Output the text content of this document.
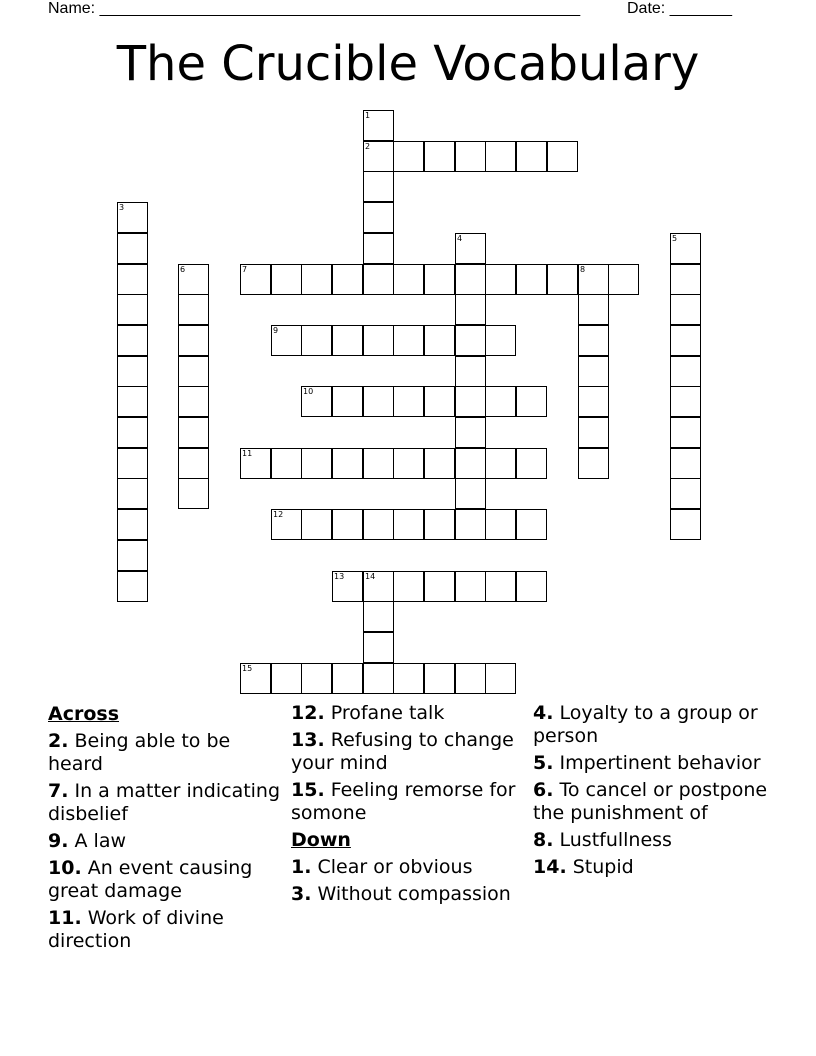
Name: ______________________________________________________	Date: _______
The Crucible Vocabulary
1
2
3
4	5
6	7	8
9
10
11
12
13	14
15
Across
2. Being able to be heard
7. In a matter indicating disbelief
9. A law
10. An event causing great damage
11. Work of divine direction
12. Profane talk
13. Refusing to change your mind
15. Feeling remorse for somone
Down
1. Clear or obvious
3. Without compassion
4. Loyalty to a group or person
5. Impertinent behavior
6. To cancel or postpone the punishment of
8. Lustfullness
14. Stupid
